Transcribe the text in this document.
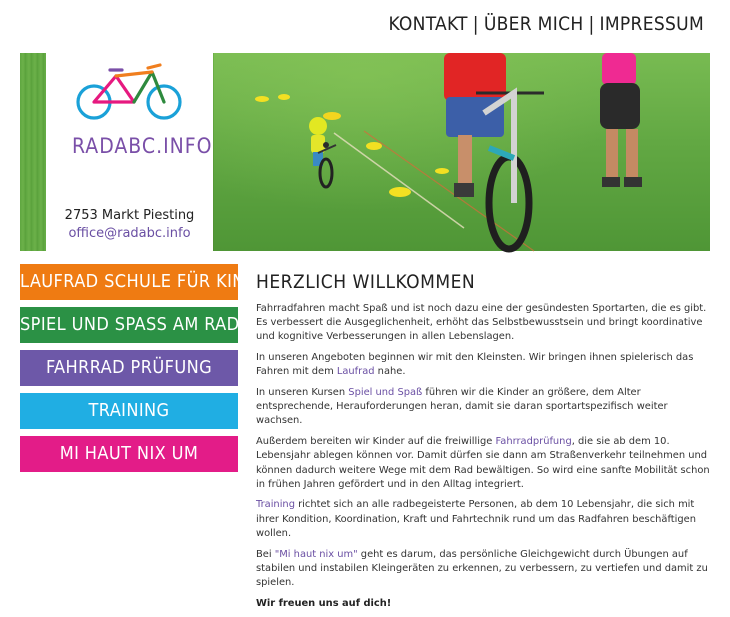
KONTAKT | ÜBER MICH | IMPRESSUM
RADABC.INFO
2753 Markt Piesting
office@radabc.info
LAUFRAD SCHULE FÜR KINDER
SPIEL UND SPASS AM RAD
FAHRRAD PRÜFUNG
TRAINING
MI HAUT NIX UM
HERZLICH WILLKOMMEN

Fahrradfahren macht Spaß und ist noch dazu eine der gesündesten Sportarten, die es gibt. Es verbessert die Ausgeglichenheit, erhöht das Selbstbewusstsein und bringt koordinative und kognitive Verbesserungen in allen Lebenslagen.

In unseren Angeboten beginnen wir mit den Kleinsten. Wir bringen ihnen spielerisch das Fahren mit dem Laufrad nahe.

In unseren Kursen Spiel und Spaß führen wir die Kinder an größere, dem Alter entsprechende, Herauforderungen heran, damit sie daran sportartspezifisch weiter wachsen.

Außerdem bereiten wir Kinder auf die freiwillige Fahrradprüfung, die sie ab dem 10. Lebensjahr ablegen können vor. Damit dürfen sie dann am Straßenverkehr teilnehmen und können dadurch weitere Wege mit dem Rad bewältigen. So wird eine sanfte Mobilität schon in frühen Jahren gefördert und in den Alltag integriert.

Training richtet sich an alle radbegeisterte Personen, ab dem 10 Lebensjahr, die sich mit ihrer Kondition, Koordination, Kraft und Fahrtechnik rund um das Radfahren beschäftigen wollen.

Bei "Mi haut nix um" geht es darum, das persönliche Gleichgewicht durch Übungen auf stabilen und instabilen Kleingeräten zu erkennen, zu verbessern, zu vertiefen und damit zu spielen.

Wir freuen uns auf dich!
